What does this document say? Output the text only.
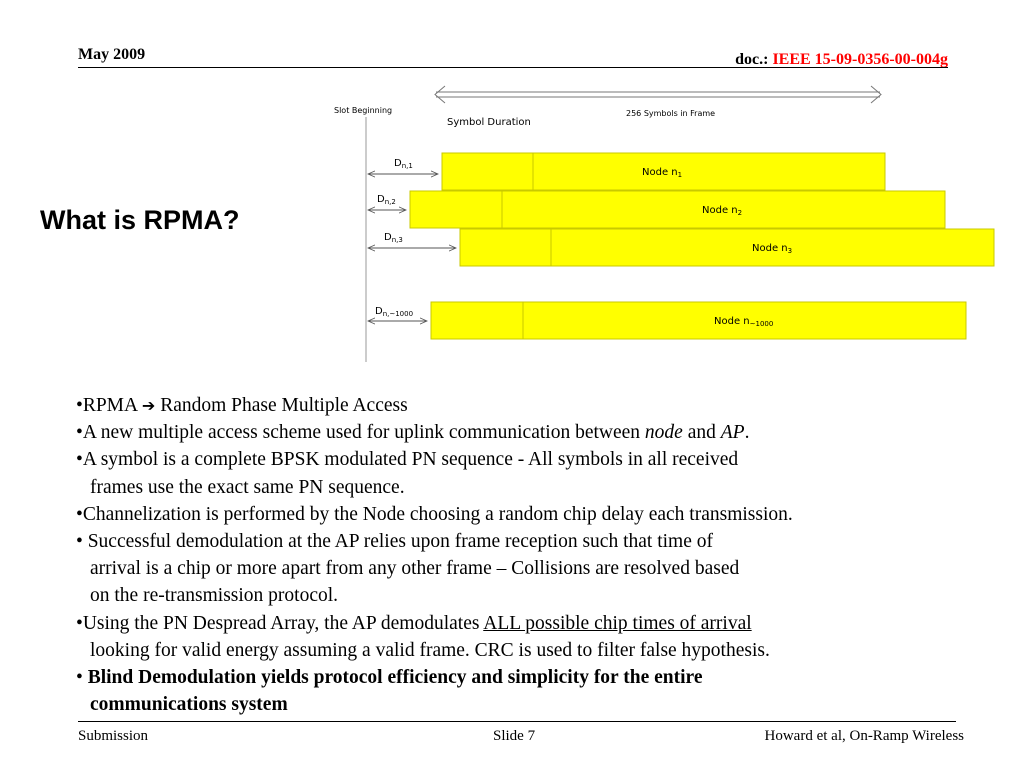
May 2009	doc.: IEEE 15-09-0356-00-004g
What is RPMA?
Slot Beginning	256 Symbols in Frame
Symbol Duration
$D_{n,1}$
Node $n_1$
$D_{n,2}$
Node $n_2$
$D_{n,3}$
Node $n_3$
$D_{n,\sim 1000}$
Node $n_{\sim 1000}$
•RPMA ➔ Random Phase Multiple Access
•A new multiple access scheme used for uplink communication between node and AP.
•A symbol is a complete BPSK modulated PN sequence - All symbols in all received
frames use the exact same PN sequence.
•Channelization is performed by the Node choosing a random chip delay each transmission.
• Successful demodulation at the AP relies upon frame reception such that time of
arrival is a chip or more apart from any other frame – Collisions are resolved based
on the re-transmission protocol.
•Using the PN Despread Array, the AP demodulates ALL possible chip times of arrival
looking for valid energy assuming a valid frame. CRC is used to filter false hypothesis.
• Blind Demodulation yields protocol efficiency and simplicity for the entire
communications system
Submission	Slide 7	Howard et al, On-Ramp Wireless
